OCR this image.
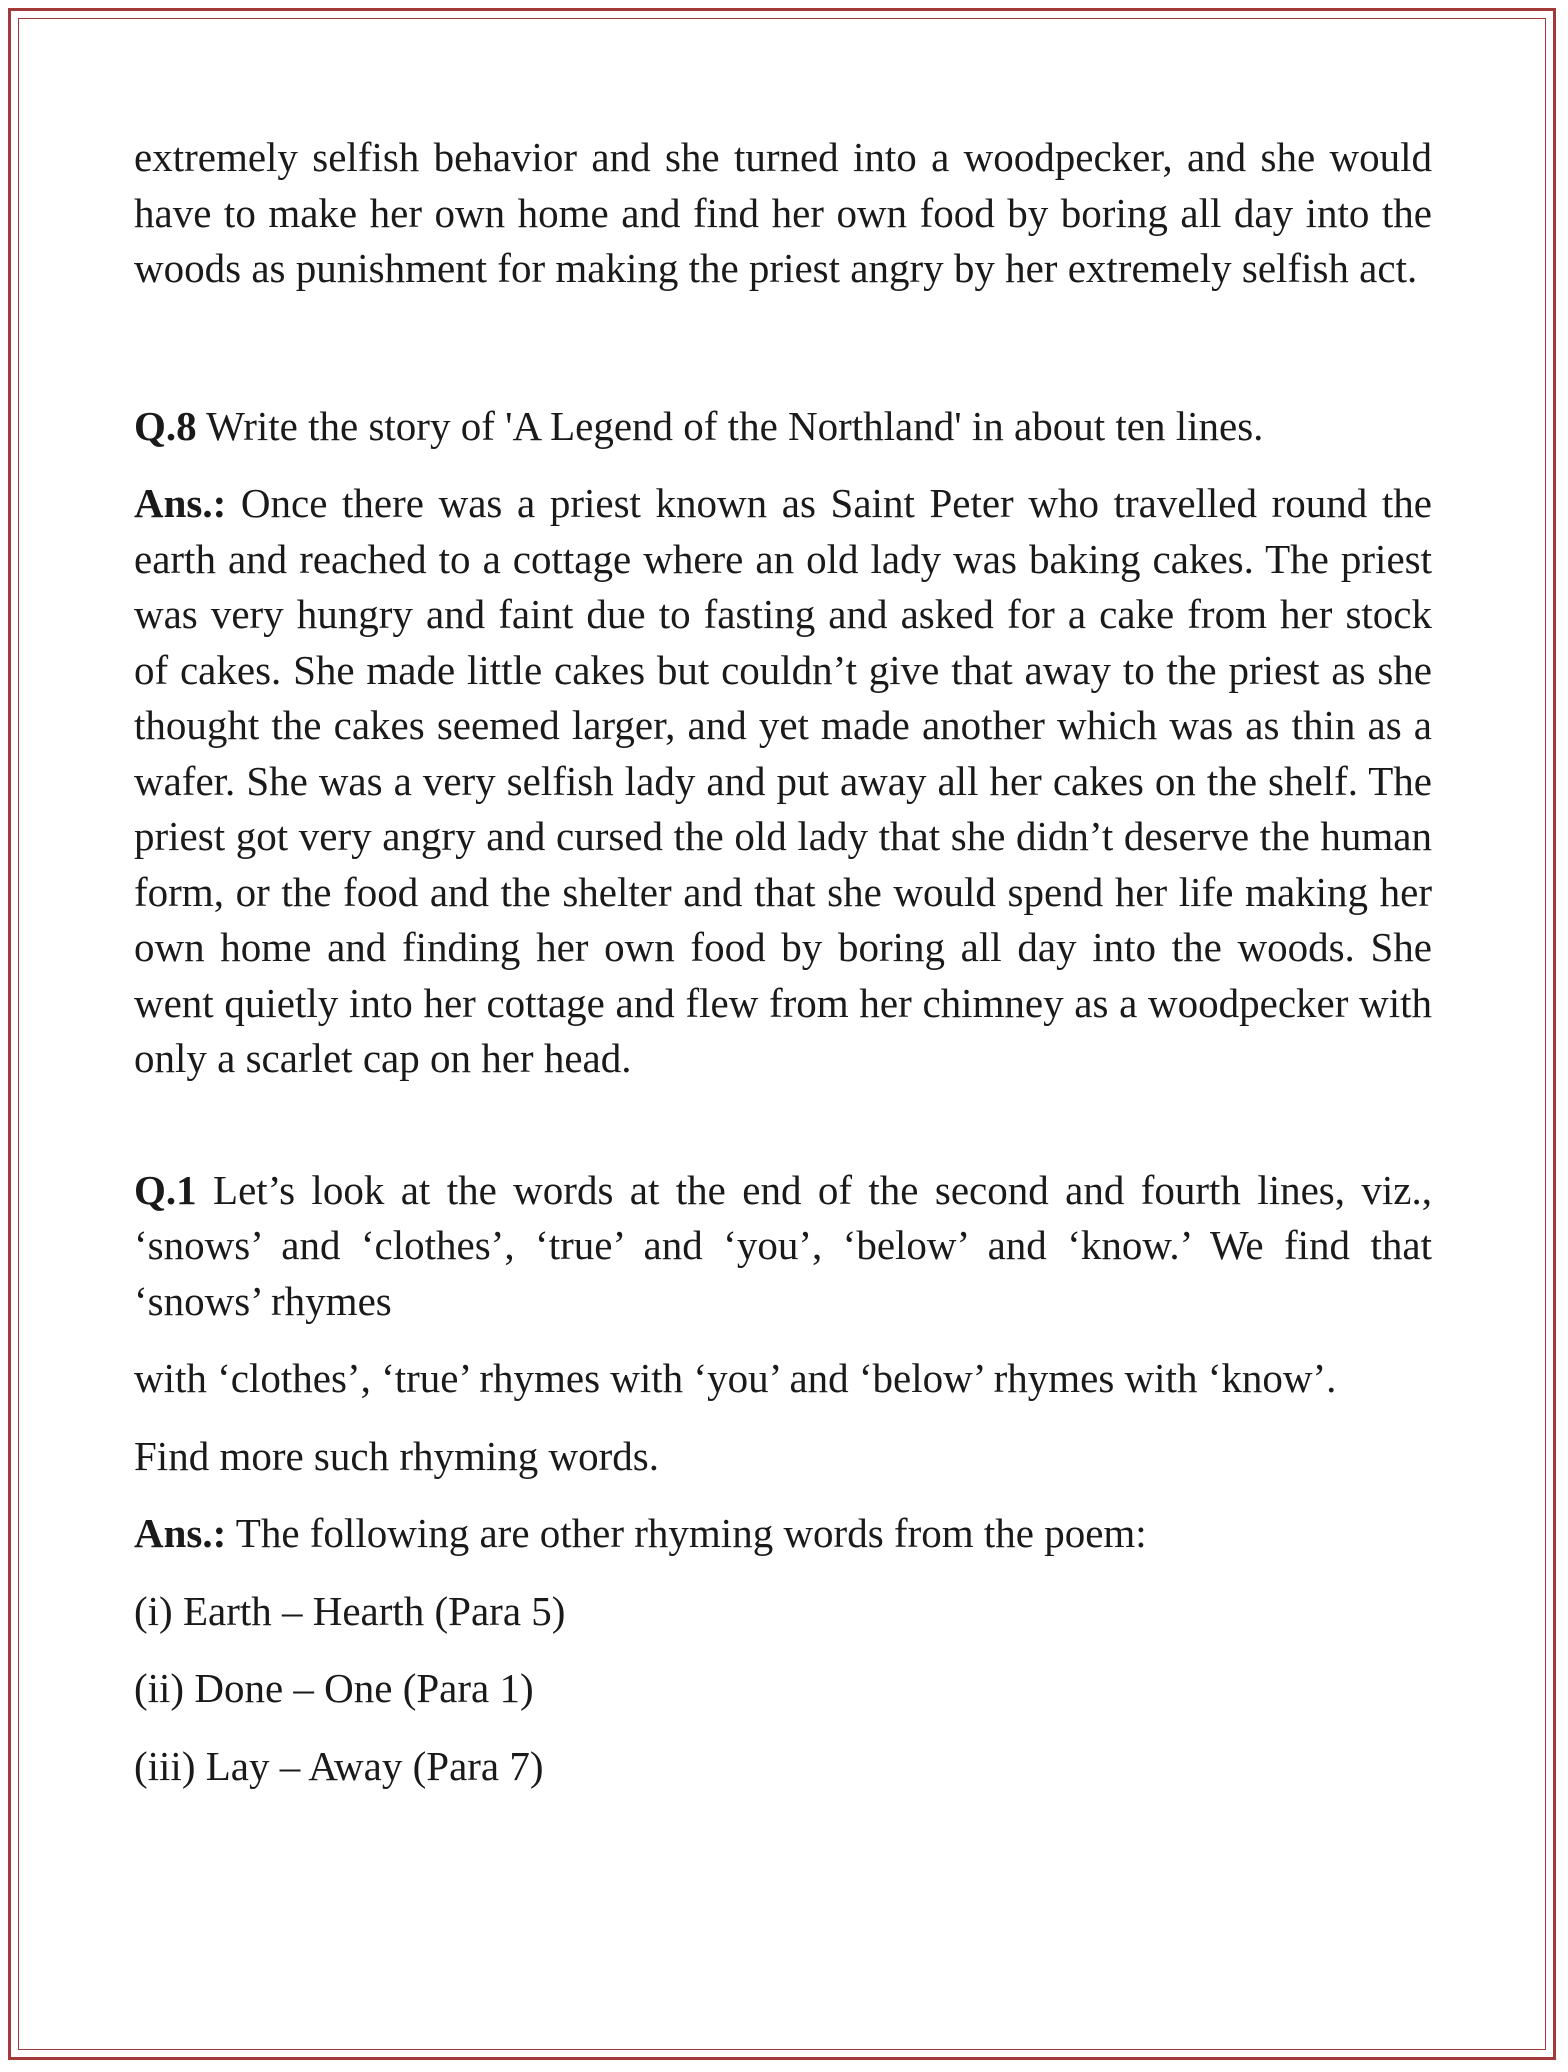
extremely selfish behavior and she turned into a woodpecker, and she would have to make her own home and find her own food by boring all day into the woods as punishment for making the priest angry by her extremely selfish act.

Q.8 Write the story of 'A Legend of the Northland' in about ten lines.

Ans.: Once there was a priest known as Saint Peter who travelled round the earth and reached to a cottage where an old lady was baking cakes. The priest was very hungry and faint due to fasting and asked for a cake from her stock of cakes. She made little cakes but couldn’t give that away to the priest as she thought the cakes seemed larger, and yet made another which was as thin as a wafer. She was a very selfish lady and put away all her cakes on the shelf. The priest got very angry and cursed the old lady that she didn’t deserve the human form, or the food and the shelter and that she would spend her life making her own home and finding her own food by boring all day into the woods. She went quietly into her cottage and flew from her chimney as a woodpecker with only a scarlet cap on her head.

Q.1 Let’s look at the words at the end of the second and fourth lines, viz., ‘snows’ and ‘clothes’, ‘true’ and ‘you’, ‘below’ and ‘know.’ We find that ‘snows’ rhymes

with ‘clothes’, ‘true’ rhymes with ‘you’ and ‘below’ rhymes with ‘know’.

Find more such rhyming words.

Ans.: The following are other rhyming words from the poem:

(i) Earth – Hearth (Para 5)

(ii) Done – One (Para 1)

(iii) Lay – Away (Para 7)
